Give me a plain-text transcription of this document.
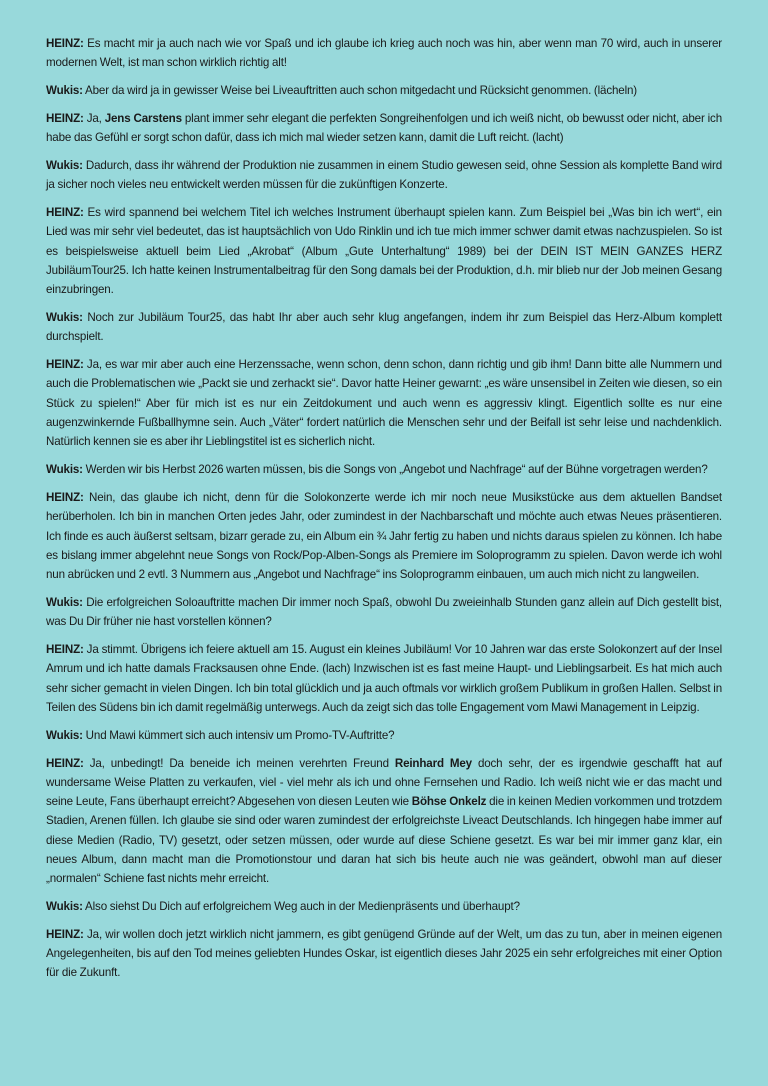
HEINZ: Es macht mir ja auch nach wie vor Spaß und ich glaube ich krieg auch noch was hin, aber wenn man 70 wird, auch in unserer modernen Welt, ist man schon wirklich richtig alt!

Wukis: Aber da wird ja in gewisser Weise bei Liveauftritten auch schon mitgedacht und Rücksicht genommen. (lächeln)

HEINZ: Ja, Jens Carstens plant immer sehr elegant die perfekten Songreihenfolgen und ich weiß nicht, ob bewusst oder nicht, aber ich habe das Gefühl er sorgt schon dafür, dass ich mich mal wieder setzen kann, damit die Luft reicht. (lacht)

Wukis: Dadurch, dass ihr während der Produktion nie zusammen in einem Studio gewesen seid, ohne Session als komplette Band wird ja sicher noch vieles neu entwickelt werden müssen für die zukünftigen Konzerte.

HEINZ: Es wird spannend bei welchem Titel ich welches Instrument überhaupt spielen kann. Zum Beispiel bei „Was bin ich wert“, ein Lied was mir sehr viel bedeutet, das ist hauptsächlich von Udo Rinklin und ich tue mich immer schwer damit etwas nachzuspielen. So ist es beispielsweise aktuell beim Lied „Akrobat“ (Album „Gute Unterhaltung“ 1989) bei der DEIN IST MEIN GANZES HERZ JubiläumTour25. Ich hatte keinen Instrumentalbeitrag für den Song damals bei der Produktion, d.h. mir blieb nur der Job meinen Gesang einzubringen.

Wukis: Noch zur Jubiläum Tour25, das habt Ihr aber auch sehr klug angefangen, indem ihr zum Beispiel das Herz-Album komplett durchspielt.

HEINZ: Ja, es war mir aber auch eine Herzenssache, wenn schon, denn schon, dann richtig und gib ihm! Dann bitte alle Nummern und auch die Problematischen wie „Packt sie und zerhackt sie“. Davor hatte Heiner gewarnt: „es wäre unsensibel in Zeiten wie diesen, so ein Stück zu spielen!“ Aber für mich ist es nur ein Zeitdokument und auch wenn es aggressiv klingt. Eigentlich sollte es nur eine augenzwinkernde Fußballhymne sein. Auch „Väter“ fordert natürlich die Menschen sehr und der Beifall ist sehr leise und nachdenklich. Natürlich kennen sie es aber ihr Lieblingstitel ist es sicherlich nicht.

Wukis: Werden wir bis Herbst 2026 warten müssen, bis die Songs von „Angebot und Nachfrage“ auf der Bühne vorgetragen werden?

HEINZ: Nein, das glaube ich nicht, denn für die Solokonzerte werde ich mir noch neue Musikstücke aus dem aktuellen Bandset herüberholen. Ich bin in manchen Orten jedes Jahr, oder zumindest in der Nachbarschaft und möchte auch etwas Neues präsentieren. Ich finde es auch äußerst seltsam, bizarr gerade zu, ein Album ein ¾ Jahr fertig zu haben und nichts daraus spielen zu können. Ich habe es bislang immer abgelehnt neue Songs von Rock/Pop-Alben-Songs als Premiere im Soloprogramm zu spielen. Davon werde ich wohl nun abrücken und 2 evtl. 3 Nummern aus „Angebot und Nachfrage“ ins Soloprogramm einbauen, um auch mich nicht zu langweilen.

Wukis: Die erfolgreichen Soloauftritte machen Dir immer noch Spaß, obwohl Du zweieinhalb Stunden ganz allein auf Dich gestellt bist, was Du Dir früher nie hast vorstellen können?

HEINZ: Ja stimmt. Übrigens ich feiere aktuell am 15. August ein kleines Jubiläum! Vor 10 Jahren war das erste Solokonzert auf der Insel Amrum und ich hatte damals Fracksausen ohne Ende. (lach) Inzwischen ist es fast meine Haupt- und Lieblingsarbeit. Es hat mich auch sehr sicher gemacht in vielen Dingen. Ich bin total glücklich und ja auch oftmals vor wirklich großem Publikum in großen Hallen. Selbst in Teilen des Südens bin ich damit regelmäßig unterwegs. Auch da zeigt sich das tolle Engagement vom Mawi Management in Leipzig.

Wukis: Und Mawi kümmert sich auch intensiv um Promo-TV-Auftritte?

HEINZ: Ja, unbedingt! Da beneide ich meinen verehrten Freund Reinhard Mey doch sehr, der es irgendwie geschafft hat auf wundersame Weise Platten zu verkaufen, viel - viel mehr als ich und ohne Fernsehen und Radio. Ich weiß nicht wie er das macht und seine Leute, Fans überhaupt erreicht? Abgesehen von diesen Leuten wie Böhse Onkelz die in keinen Medien vorkommen und trotzdem Stadien, Arenen füllen. Ich glaube sie sind oder waren zumindest der erfolgreichste Liveact Deutschlands. Ich hingegen habe immer auf diese Medien (Radio, TV) gesetzt, oder setzen müssen, oder wurde auf diese Schiene gesetzt. Es war bei mir immer ganz klar, ein neues Album, dann macht man die Promotionstour und daran hat sich bis heute auch nie was geändert, obwohl man auf dieser „normalen“ Schiene fast nichts mehr erreicht.

Wukis: Also siehst Du Dich auf erfolgreichem Weg auch in der Medienpräsents und überhaupt?

HEINZ: Ja, wir wollen doch jetzt wirklich nicht jammern, es gibt genügend Gründe auf der Welt, um das zu tun, aber in meinen eigenen Angelegenheiten, bis auf den Tod meines geliebten Hundes Oskar, ist eigentlich dieses Jahr 2025 ein sehr erfolgreiches mit einer Option für die Zukunft.
